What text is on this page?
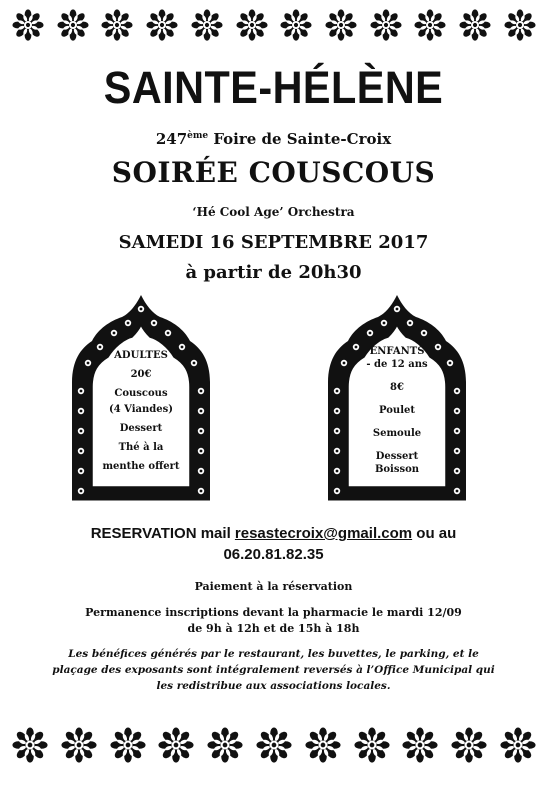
SAINTE-HÉLÈNE
247ème Foire de Sainte-Croix
SOIRÉE COUSCOUS
‘Hé Cool Age’ Orchestra
SAMEDI 16 SEPTEMBRE 2017
à partir de 20h30
ADULTES
20€
Couscous
(4 Viandes)
Dessert
Thé à la
menthe offert
ENFANTS
- de 12 ans
8€
Poulet
Semoule
Dessert
Boisson
RESERVATION mail resastecroix@gmail.com ou au
06.20.81.82.35
Paiement à la réservation
Permanence inscriptions devant la pharmacie le mardi 12/09
de 9h à 12h et de 15h à 18h
Les bénéfices générés par le restaurant, les buvettes, le parking, et le
plaçage des exposants sont intégralement reversés à l’Office Municipal qui
les redistribue aux associations locales.
